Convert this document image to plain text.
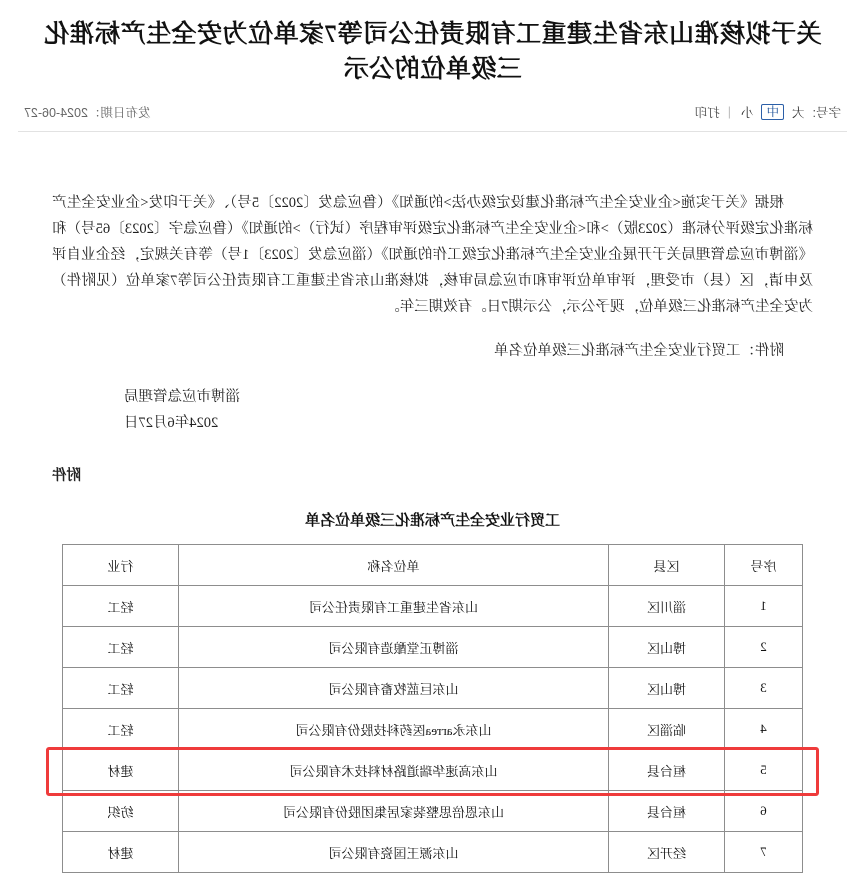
关于拟核准山东省生建重工有限责任公司等7家单位为安全生产标准化三级单位的公示
字号:
大
中
小
|
打印
发布日期：2024-06-27

根据《关于实施<企业安全生产标准化建设定级办法>的通知》（鲁应急发〔2022〕5号）、《关于印发<企业安全生产标准化定级评分标准（2023版）>和<企业安全生产标准化定级评审程序（试行）>的通知》（鲁应急字〔2023〕65号）和《淄博市应急管理局关于开展企业安全生产标准化定级工作的通知》（淄应急发〔2023〕1号）等有关规定，经企业自评及申请，区（县）市受理，评审单位评审和市应急局审核，拟核准山东省生建重工有限责任公司等7家单位（见附件）为安全生产标准化三级单位，现予公示，公示期7日。有效期三年。

附件：工贸行业安全生产标准化三级单位名单
淄博市应急管理局
2024年6月27日
附件
工贸行业安全生产标准化三级单位名单
序号	区县	单位名称	行业
1	淄川区	山东省生建重工有限责任公司	轻工
2	博山区	淄博正堂酿造有限公司	轻工
3	博山区	山东巨蓝牧畜有限公司	轻工
4	临淄区	山东永агrea医药科技股份有限公司	轻工
5	桓台县	山东高速华瑞道路材料技术有限公司	建材
6	桓台县	山东恩倍思整装家居集团股份有限公司	纺织
7	经开区	山东源王国瓷有限公司	建材
